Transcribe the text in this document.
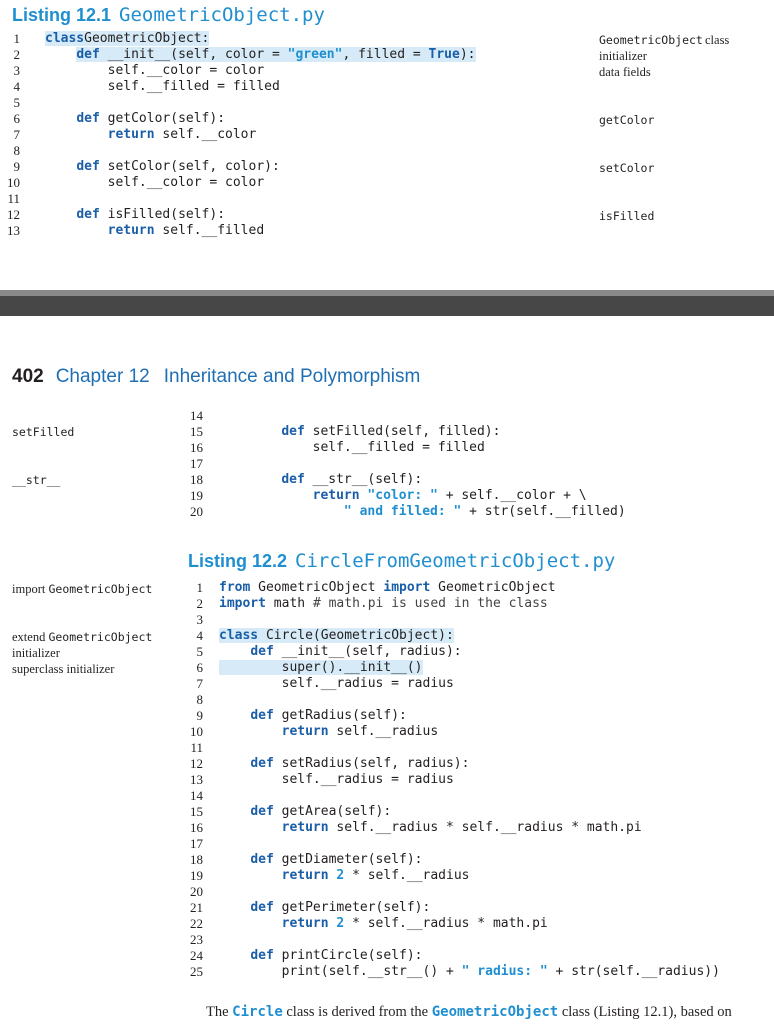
Listing 12.1 GeometricObject.py
1 classGeometricObject:
2	def __init__(self, color = "green", filled = True):
3 self.__color = color
4 self.__filled = filled
5
6	def getColor(self):
7	return self.__color
8
9	def setColor(self, color):
10 self.__color = color
11
12	def isFilled(self):
13	return self.__filled
GeometricObject class
initializer
data fields
getColor
setColor
isFilled
402 Chapter 12 Inheritance and Polymorphism
14
15	def setFilled(self, filled):
16	self.__filled = filled
17
18	def __str__(self):
19	return "color: " + self.__color + \
20	" and filled: " + str(self.__filled)
setFilled
__str__
Listing 12.2 CircleFromGeometricObject.py
1 from GeometricObject import GeometricObject
2 import math # math.pi is used in the class
3
4 class Circle(GeometricObject):
5	def __init__(self, radius):
6 super().__init__()
7 self.__radius = radius
8
9	def getRadius(self):
10	return self.__radius
11
12	def setRadius(self, radius):
13 self.__radius = radius
14
15	def getArea(self):
16	return self.__radius * self.__radius * math.pi
17
18	def getDiameter(self):
19	return 2 * self.__radius
20
21	def getPerimeter(self):
22	return 2 * self.__radius * math.pi
23
24	def printCircle(self):
25 print(self.__str__() + " radius: " + str(self.__radius))
import GeometricObject
extend GeometricObject
initializer
superclass initializer
The Circle class is derived from the GeometricObject class (Listing 12.1), based on
